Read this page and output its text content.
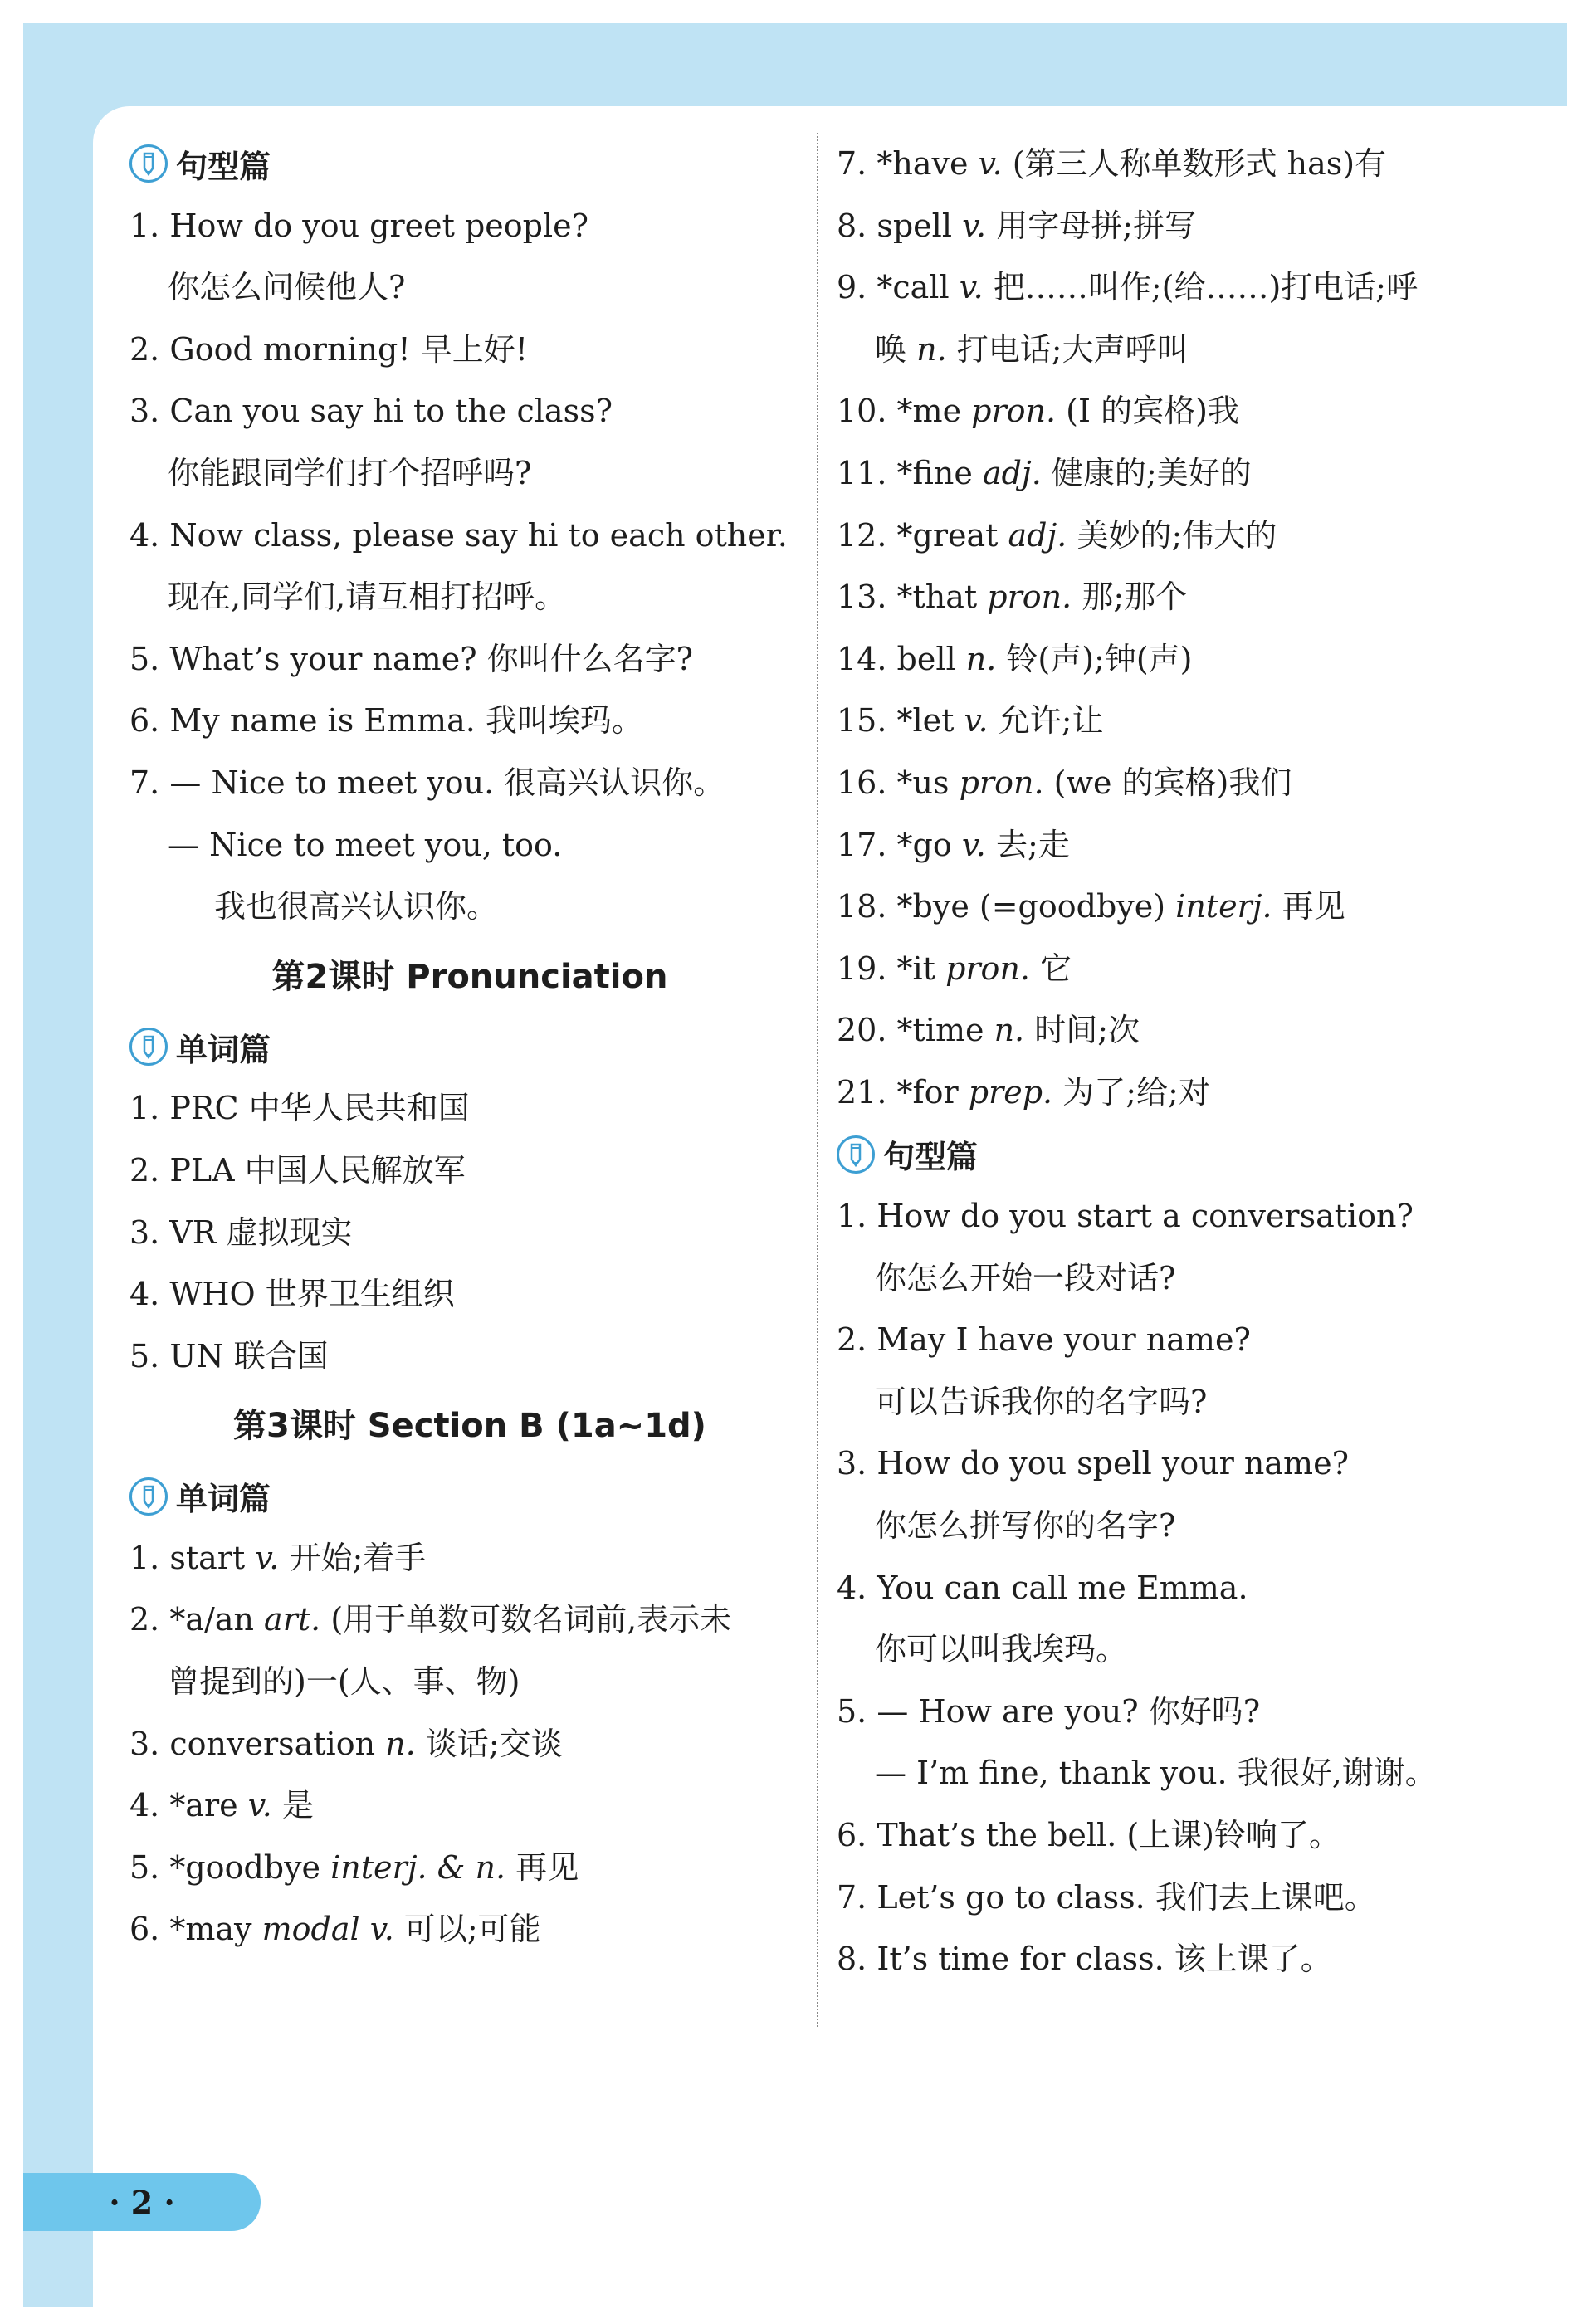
句型篇
1. How do you greet people?
你怎么问候他人?
2. Good morning! 早上好!
3. Can you say hi to the class?
你能跟同学们打个招呼吗?
4. Now class, please say hi to each other.
现在,同学们,请互相打招呼。
5. What’s your name? 你叫什么名字?
6. My name is Emma. 我叫埃玛。
7. — Nice to meet you. 很高兴认识你。
— Nice to meet you, too.
我也很高兴认识你。
第2课时 Pronunciation
单词篇
1. PRC 中华人民共和国
2. PLA 中国人民解放军
3. VR 虚拟现实
4. WHO 世界卫生组织
5. UN 联合国
第3课时 Section B (1a~1d)
单词篇
1. start v. 开始;着手
2. *a/an art. (用于单数可数名词前,表示未
曾提到的)一(人、事、物)
3. conversation n. 谈话;交谈
4. *are v. 是
5. *goodbye interj. & n. 再见
6. *may modal v. 可以;可能
7. *have v. (第三人称单数形式 has)有
8. spell v. 用字母拼;拼写
9. *call v. 把……叫作;(给……)打电话;呼
唤 n. 打电话;大声呼叫
10. *me pron. (I 的宾格)我
11. *fine adj. 健康的;美好的
12. *great adj. 美妙的;伟大的
13. *that pron. 那;那个
14. bell n. 铃(声);钟(声)
15. *let v. 允许;让
16. *us pron. (we 的宾格)我们
17. *go v. 去;走
18. *bye (=goodbye) interj. 再见
19. *it pron. 它
20. *time n. 时间;次
21. *for prep. 为了;给;对
句型篇
1. How do you start a conversation?
你怎么开始一段对话?
2. May I have your name?
可以告诉我你的名字吗?
3. How do you spell your name?
你怎么拼写你的名字?
4. You can call me Emma.
你可以叫我埃玛。
5. — How are you? 你好吗?
— I’m fine, thank you. 我很好,谢谢。
6. That’s the bell. (上课)铃响了。
7. Let’s go to class. 我们去上课吧。
8. It’s time for class. 该上课了。
· 2 ·
